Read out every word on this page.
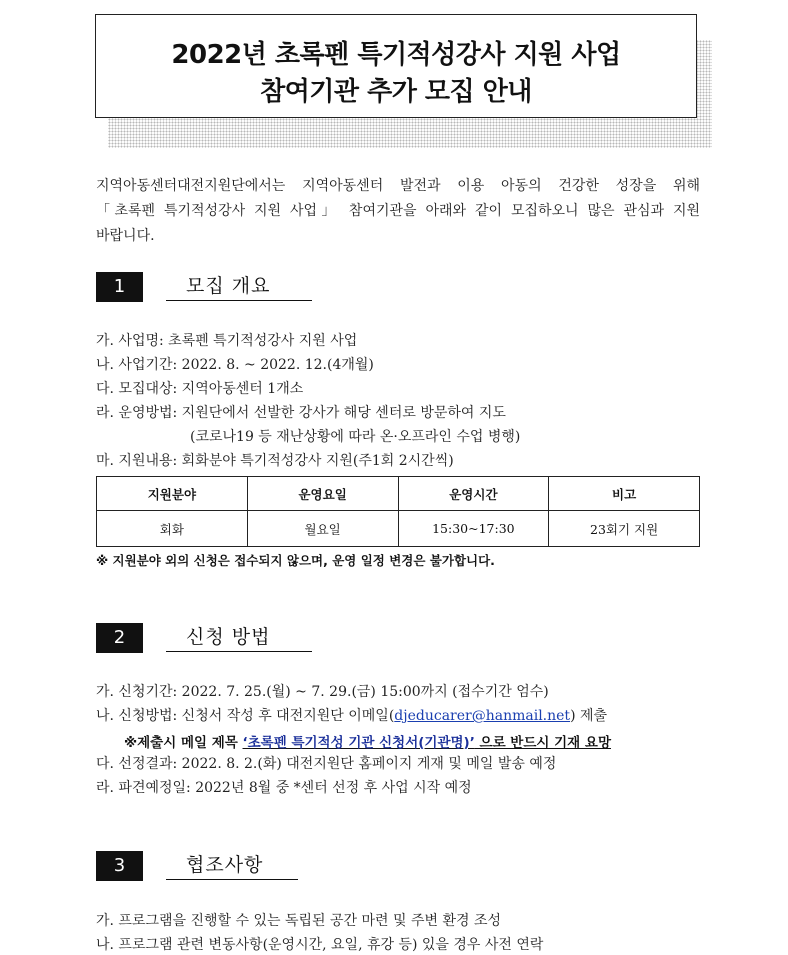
2022년 초록펜 특기적성강사 지원 사업
참여기관 추가 모집 안내

지역아동센터대전지원단에서는 지역아동센터 발전과 이용 아동의 건강한 성장을 위해

「초록펜 특기적성강사 지원 사업」 참여기관을 아래와 같이 모집하오니 많은 관심과 지원

바랍니다.

1	모집 개요
가. 사업명: 초록펜 특기적성강사 지원 사업
나. 사업기간: 2022. 8. ~ 2022. 12.(4개월)
다. 모집대상: 지역아동센터 1개소
라. 운영방법: 지원단에서 선발한 강사가 해당 센터로 방문하여 지도
(코로나19 등 재난상황에 따라 온·오프라인 수업 병행)
마. 지원내용: 회화분야 특기적성강사 지원(주1회 2시간씩)
지원분야	운영요일	운영시간	비고
회화	월요일	15:30~17:30	23회기 지원
※ 지원분야 외의 신청은 접수되지 않으며, 운영 일정 변경은 불가합니다.
2	신청 방법
가. 신청기간: 2022. 7. 25.(월) ~ 7. 29.(금) 15:00까지 (접수기간 엄수)
나. 신청방법: 신청서 작성 후 대전지원단 이메일(djeducarer@hanmail.net) 제출
※제출시 메일 제목 ‘초록펜 특기적성 기관 신청서(기관명)’ 으로 반드시 기재 요망
다. 선정결과: 2022. 8. 2.(화) 대전지원단 홈페이지 게재 및 메일 발송 예정
라. 파견예정일: 2022년 8월 중 *센터 선정 후 사업 시작 예정
3	협조사항
가. 프로그램을 진행할 수 있는 독립된 공간 마련 및 주변 환경 조성
나. 프로그램 관련 변동사항(운영시간, 요일, 휴강 등) 있을 경우 사전 연락
